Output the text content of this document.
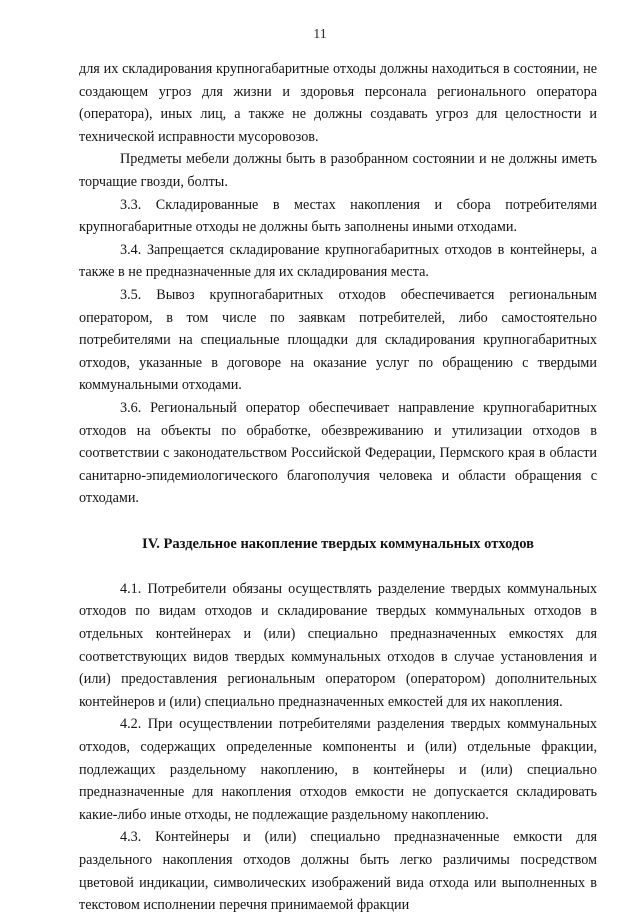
11

для их складирования крупногабаритные отходы должны находиться в состоянии, не создающем угроз для жизни и здоровья персонала регионального оператора (оператора), иных лиц, а также не должны создавать угроз для целостности и технической исправности мусоровозов.

Предметы мебели должны быть в разобранном состоянии и не должны иметь торчащие гвозди, болты.

3.3. Складированные в местах накопления и сбора потребителями крупногабаритные отходы не должны быть заполнены иными отходами.

3.4. Запрещается складирование крупногабаритных отходов в контейнеры, а также в не предназначенные для их складирования места.

3.5. Вывоз крупногабаритных отходов обеспечивается региональным оператором, в том числе по заявкам потребителей, либо самостоятельно потребителями на специальные площадки для складирования крупногабаритных отходов, указанные в договоре на оказание услуг по обращению с твердыми коммунальными отходами.

3.6. Региональный оператор обеспечивает направление крупногабаритных отходов на объекты по обработке, обезвреживанию и утилизации отходов в соответствии с законодательством Российской Федерации, Пермского края в области санитарно-эпидемиологического благополучия человека и области обращения с отходами.

IV. Раздельное накопление твердых коммунальных отходов

4.1. Потребители обязаны осуществлять разделение твердых коммунальных отходов по видам отходов и складирование твердых коммунальных отходов в отдельных контейнерах и (или) специально предназначенных емкостях для соответствующих видов твердых коммунальных отходов в случае установления и (или) предоставления региональным оператором (оператором) дополнительных контейнеров и (или) специально предназначенных емкостей для их накопления.

4.2. При осуществлении потребителями разделения твердых коммунальных отходов, содержащих определенные компоненты и (или) отдельные фракции, подлежащих раздельному накоплению, в контейнеры и (или) специально предназначенные для накопления отходов емкости не допускается складировать какие-либо иные отходы, не подлежащие раздельному накоплению.

4.3. Контейнеры и (или) специально предназначенные емкости для раздельного накопления отходов должны быть легко различимы посредством цветовой индикации, символических изображений вида отхода или выполненных в текстовом исполнении перечня принимаемой фракции
